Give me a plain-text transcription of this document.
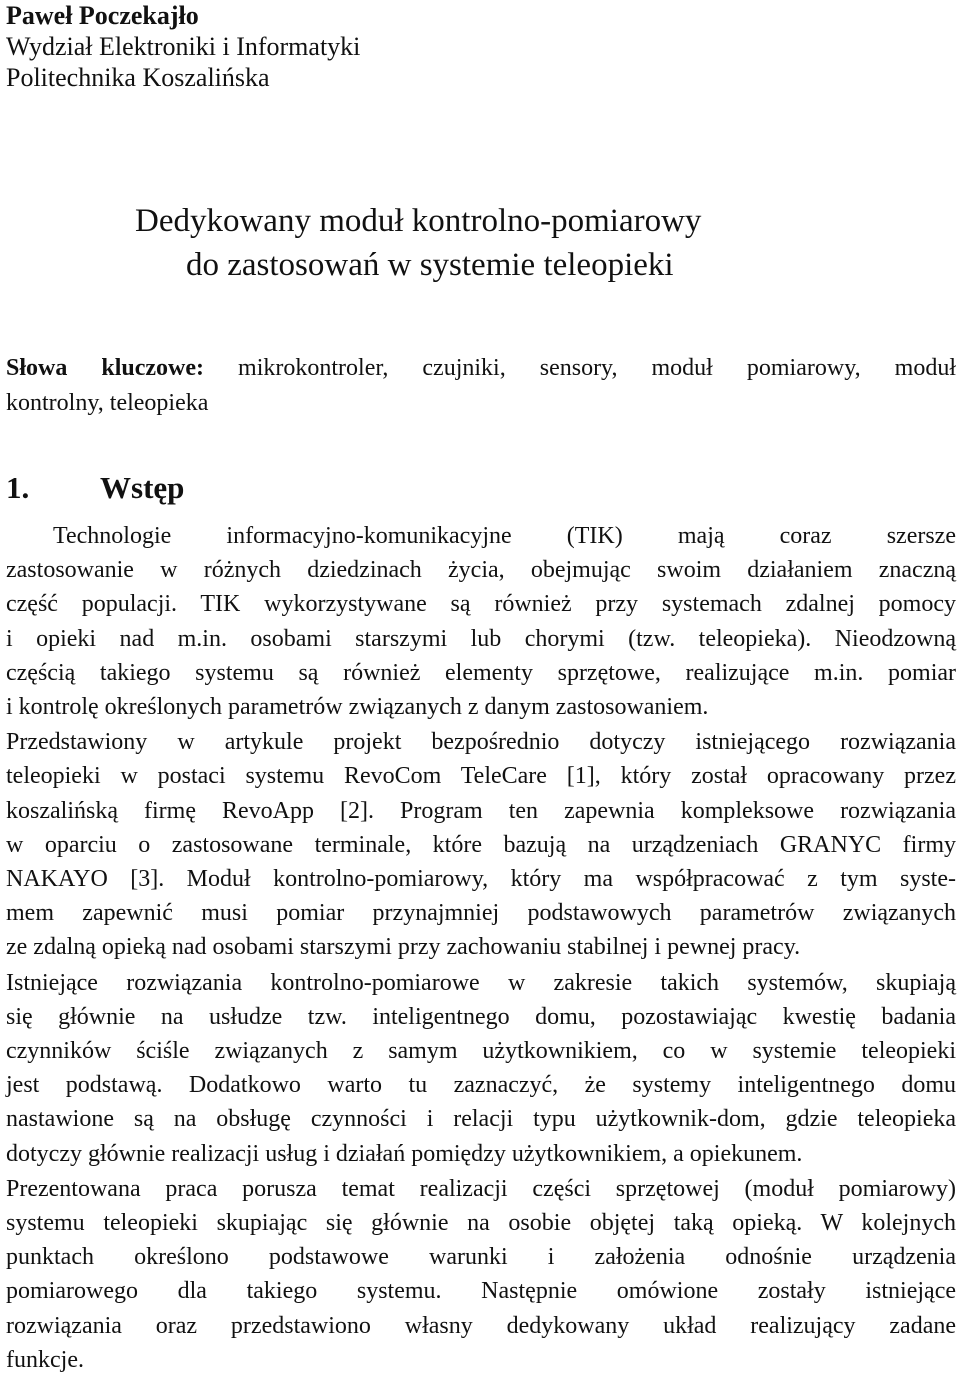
Paweł Poczekajło
Wydział Elektroniki i Informatyki
Politechnika Koszalińska
Dedykowany moduł kontrolno-pomiarowy
do zastosowań w systemie teleopieki
Słowa kluczowe: mikrokontroler, czujniki, sensory, moduł pomiarowy, moduł
kontrolny, teleopieka
1. Wstęp
Technologie informacyjno-komunikacyjne (TIK) mają coraz szersze
zastosowanie w różnych dziedzinach życia, obejmując swoim działaniem znaczną
część populacji. TIK wykorzystywane są również przy systemach zdalnej pomocy
i opieki nad m.in. osobami starszymi lub chorymi (tzw. teleopieka). Nieodzowną
częścią takiego systemu są również elementy sprzętowe, realizujące m.in. pomiar
i kontrolę określonych parametrów związanych z danym zastosowaniem.
Przedstawiony w artykule projekt bezpośrednio dotyczy istniejącego rozwiązania
teleopieki w postaci systemu RevoCom TeleCare [1], który został opracowany przez
koszalińską firmę RevoApp [2]. Program ten zapewnia kompleksowe rozwiązania
w oparciu o zastosowane terminale, które bazują na urządzeniach GRANYC firmy
NAKAYO [3]. Moduł kontrolno-pomiarowy, który ma współpracować z tym syste-
mem zapewnić musi pomiar przynajmniej podstawowych parametrów związanych
ze zdalną opieką nad osobami starszymi przy zachowaniu stabilnej i pewnej pracy.
Istniejące rozwiązania kontrolno-pomiarowe w zakresie takich systemów, skupiają
się głównie na usłudze tzw. inteligentnego domu, pozostawiając kwestię badania
czynników ściśle związanych z samym użytkownikiem, co w systemie teleopieki
jest podstawą. Dodatkowo warto tu zaznaczyć, że systemy inteligentnego domu
nastawione są na obsługę czynności i relacji typu użytkownik-dom, gdzie teleopieka
dotyczy głównie realizacji usług i działań pomiędzy użytkownikiem, a opiekunem.
Prezentowana praca porusza temat realizacji części sprzętowej (moduł pomiarowy)
systemu teleopieki skupiając się głównie na osobie objętej taką opieką. W kolejnych
punktach określono podstawowe warunki i założenia odnośnie urządzenia
pomiarowego dla takiego systemu. Następnie omówione zostały istniejące
rozwiązania oraz przedstawiono własny dedykowany układ realizujący zadane
funkcje.
